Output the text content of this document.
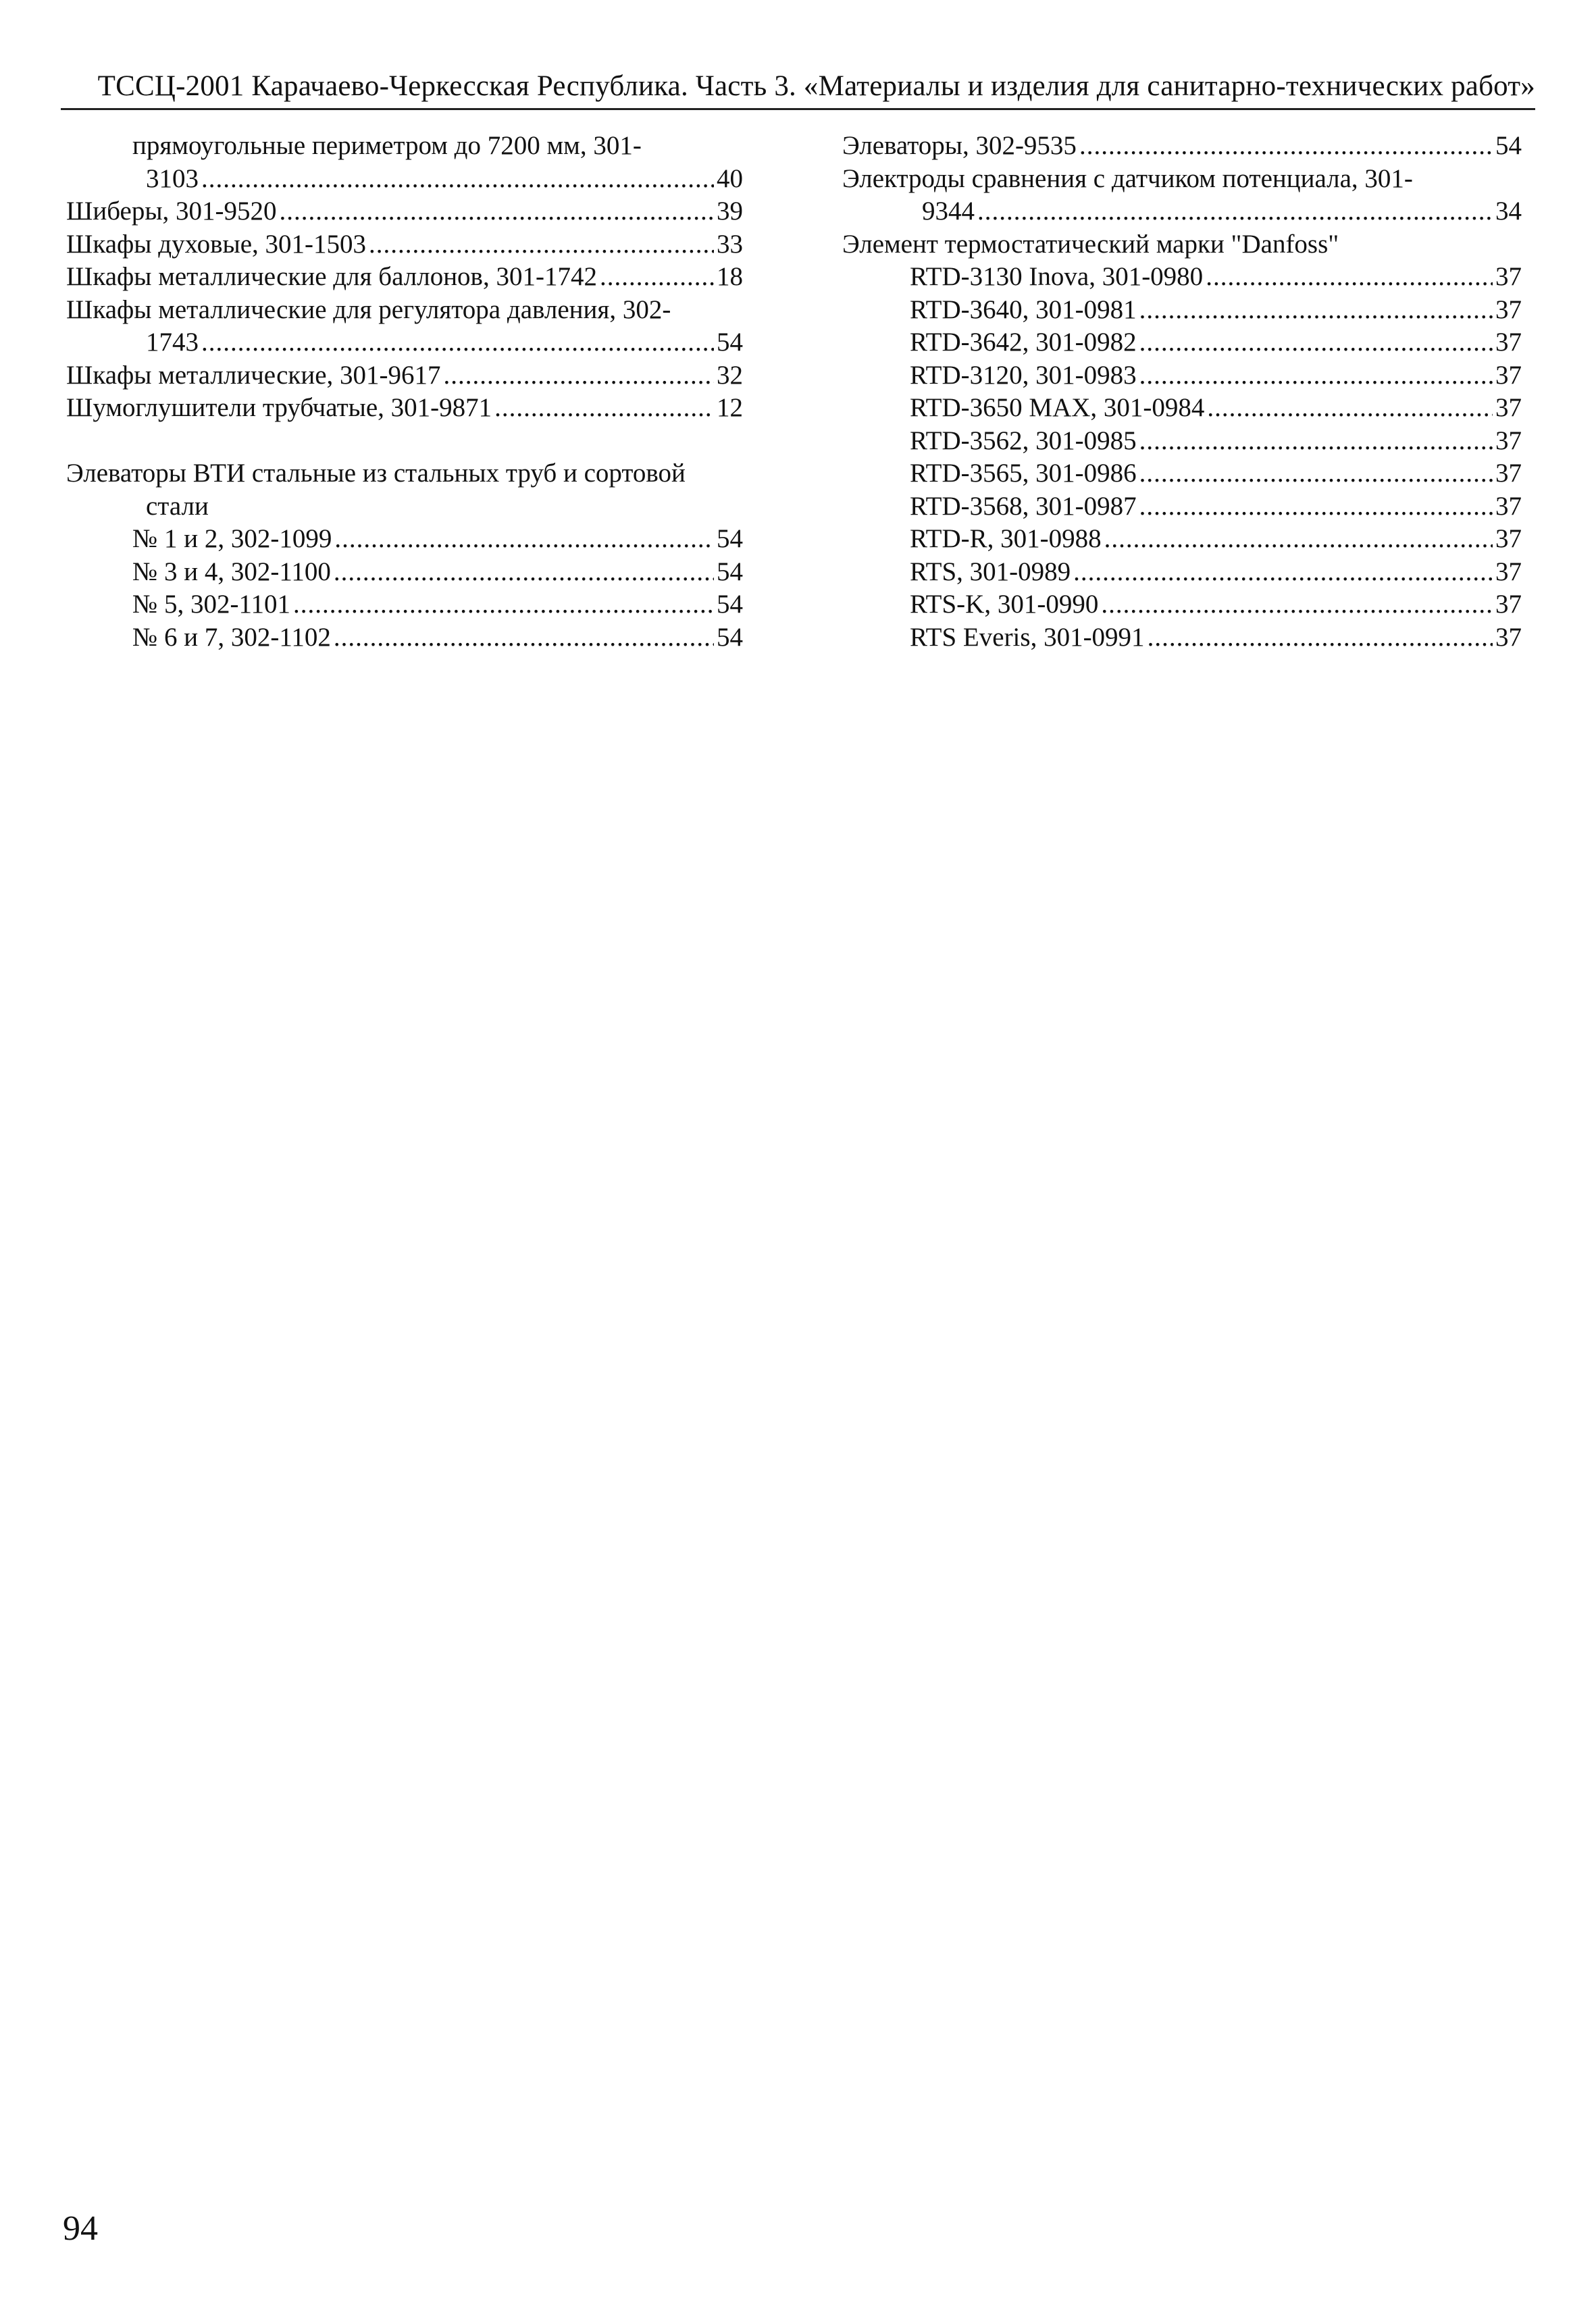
ТССЦ-2001 Карачаево-Черкесская Республика. Часть 3. «Материалы и изделия для санитарно-технических работ»
прямоугольные периметром до 7200 мм, 301-
3103 .....	40
Шиберы, 301-9520 .....	39
Шкафы духовые, 301-1503 .....	33
Шкафы металлические для баллонов, 301-1742 .....	18
Шкафы металлические для регулятора давления, 302-
1743 .....	54
Шкафы металлические, 301-9617 .....	32
Шумоглушители трубчатые, 301-9871 .....	12
Элеваторы ВТИ стальные из стальных труб и сортовой
стали
№ 1 и 2, 302-1099 .....	54
№ 3 и 4, 302-1100 .....	54
№ 5, 302-1101 .....	54
№ 6 и 7, 302-1102 .....	54
Элеваторы, 302-9535 .....	54
Электроды сравнения с датчиком потенциала, 301-
9344 .....	34
Элемент термостатический марки "Danfoss"
RTD-3130 Inova, 301-0980 .....	37
RTD-3640, 301-0981 .....	37
RTD-3642, 301-0982 .....	37
RTD-3120, 301-0983 .....	37
RTD-3650 MAX, 301-0984 .....	37
RTD-3562, 301-0985 .....	37
RTD-3565, 301-0986 .....	37
RTD-3568, 301-0987 .....	37
RTD-R, 301-0988 .....	37
RTS, 301-0989 .....	37
RTS-K, 301-0990 .....	37
RTS Everis, 301-0991 .....	37
94
